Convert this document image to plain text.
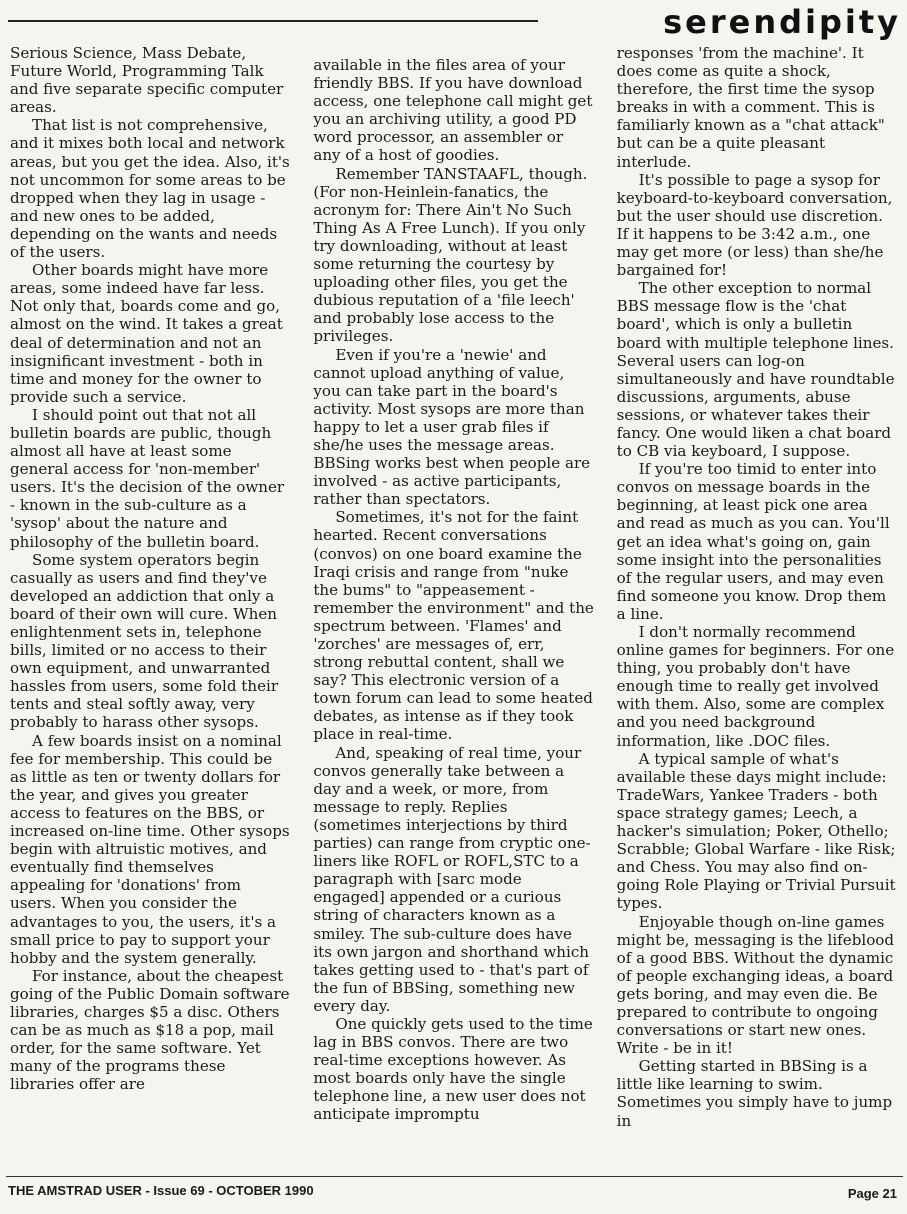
serendipity

Serious Science, Mass Debate, Future World, Programming Talk and five separate specific computer areas.

That list is not comprehensive, and it mixes both local and network areas, but you get the idea. Also, it's not uncommon for some areas to be dropped when they lag in usage - and new ones to be added, depending on the wants and needs of the users.

Other boards might have more areas, some indeed have far less. Not only that, boards come and go, almost on the wind. It takes a great deal of determination and not an insignificant investment - both in time and money for the owner to provide such a service.

I should point out that not all bulletin boards are public, though almost all have at least some general access for 'non-member' users. It's the decision of the owner - known in the sub-culture as a 'sysop' about the nature and philosophy of the bulletin board.

Some system operators begin casually as users and find they've developed an addiction that only a board of their own will cure. When enlightenment sets in, telephone bills, limited or no access to their own equipment, and unwarranted hassles from users, some fold their tents and steal softly away, very probably to harass other sysops.

A few boards insist on a nominal fee for membership. This could be as little as ten or twenty dollars for the year, and gives you greater access to features on the BBS, or increased on-line time. Other sysops begin with altruistic motives, and eventually find themselves appealing for 'donations' from users. When you consider the advantages to you, the users, it's a small price to pay to support your hobby and the system generally.

For instance, about the cheapest going of the Public Domain software libraries, charges $5 a disc. Others can be as much as $18 a pop, mail order, for the same software. Yet many of the programs these libraries offer are

available in the files area of your friendly BBS. If you have download access, one telephone call might get you an archiving utility, a good PD word processor, an assembler or any of a host of goodies.

Remember TANSTAAFL, though. (For non-Heinlein-fanatics, the acronym for: There Ain't No Such Thing As A Free Lunch). If you only try downloading, without at least some returning the courtesy by uploading other files, you get the dubious reputation of a 'file leech' and probably lose access to the privileges.

Even if you're a 'newie' and cannot upload anything of value, you can take part in the board's activity. Most sysops are more than happy to let a user grab files if she/he uses the message areas. BBSing works best when people are involved - as active participants, rather than spectators.

Sometimes, it's not for the faint hearted. Recent conversations (convos) on one board examine the Iraqi crisis and range from "nuke the bums" to "appeasement - remember the environment" and the spectrum between. 'Flames' and 'zorches' are messages of, err, strong rebuttal content, shall we say? This electronic version of a town forum can lead to some heated debates, as intense as if they took place in real-time.

And, speaking of real time, your convos generally take between a day and a week, or more, from message to reply. Replies (sometimes interjections by third parties) can range from cryptic one-liners like ROFL or ROFL,STC to a paragraph with [sarc mode engaged] appended or a curious string of characters known as a smiley. The sub-culture does have its own jargon and shorthand which takes getting used to - that's part of the fun of BBSing, something new every day.

One quickly gets used to the time lag in BBS convos. There are two real-time exceptions however. As most boards only have the single telephone line, a new user does not anticipate impromptu

responses 'from the machine'. It does come as quite a shock, therefore, the first time the sysop breaks in with a comment. This is familiarly known as a "chat attack" but can be a quite pleasant interlude.

It's possible to page a sysop for keyboard-to-keyboard conversation, but the user should use discretion. If it happens to be 3:42 a.m., one may get more (or less) than she/he bargained for!

The other exception to normal BBS message flow is the 'chat board', which is only a bulletin board with multiple telephone lines. Several users can log-on simultaneously and have roundtable discussions, arguments, abuse sessions, or whatever takes their fancy. One would liken a chat board to CB via keyboard, I suppose.

If you're too timid to enter into convos on message boards in the beginning, at least pick one area and read as much as you can. You'll get an idea what's going on, gain some insight into the personalities of the regular users, and may even find someone you know. Drop them a line.

I don't normally recommend online games for beginners. For one thing, you probably don't have enough time to really get involved with them. Also, some are complex and you need background information, like .DOC files.

A typical sample of what's available these days might include: TradeWars, Yankee Traders - both space strategy games; Leech, a hacker's simulation; Poker, Othello; Scrabble; Global Warfare - like Risk; and Chess. You may also find on-going Role Playing or Trivial Pursuit types.

Enjoyable though on-line games might be, messaging is the lifeblood of a good BBS. Without the dynamic of people exchanging ideas, a board gets boring, and may even die. Be prepared to contribute to ongoing conversations or start new ones. Write - be in it!

Getting started in BBSing is a little like learning to swim. Sometimes you simply have to jump in

THE AMSTRAD USER - Issue 69 - OCTOBER 1990	Page 21
